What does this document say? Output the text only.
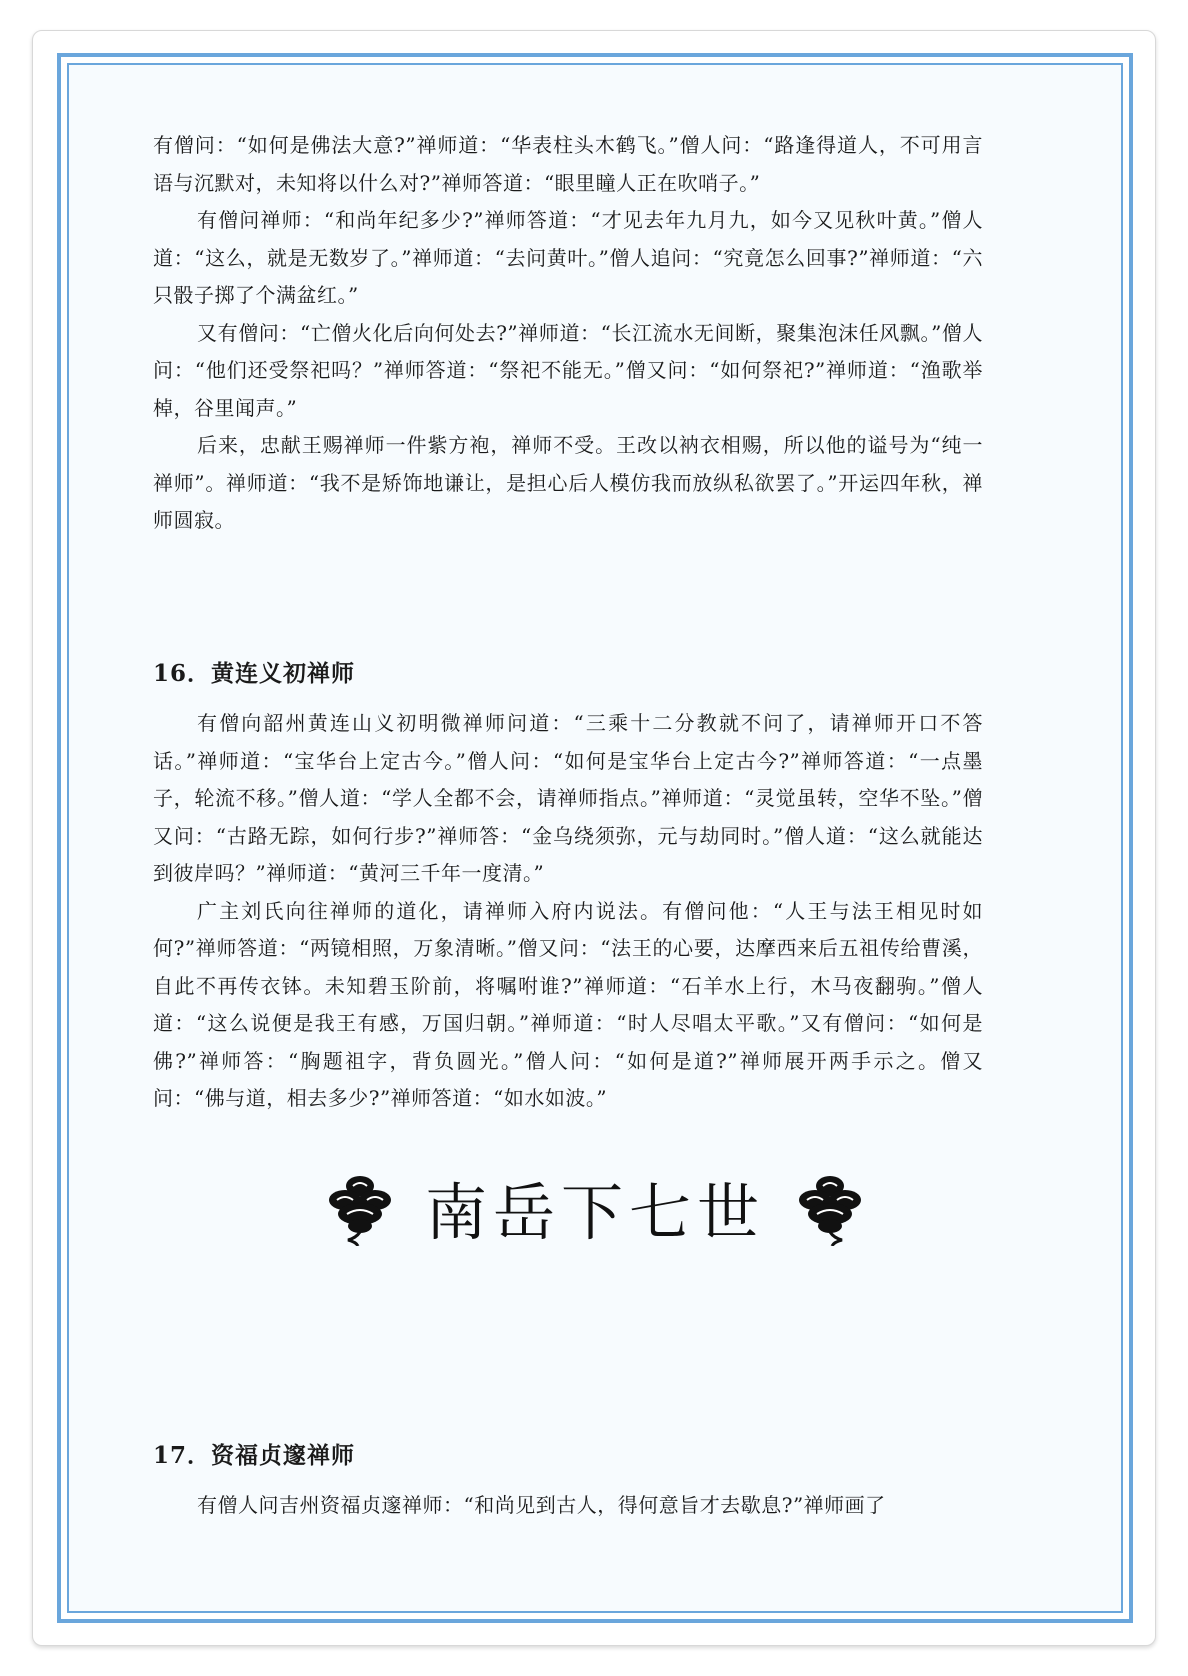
有僧问：“如何是佛法大意?”禅师道：“华表柱头木鹤飞。”僧人问：“路逢得道人，不可用言语与沉默对，未知将以什么对?”禅师答道：“眼里瞳人正在吹哨子。”

有僧问禅师：“和尚年纪多少?”禅师答道：“才见去年九月九，如今又见秋叶黄。”僧人道：“这么，就是无数岁了。”禅师道：“去问黄叶。”僧人追问：“究竟怎么回事?”禅师道：“六只骰子掷了个满盆红。”

又有僧问：“亡僧火化后向何处去?”禅师道：“长江流水无间断，聚集泡沫任风飘。”僧人问：“他们还受祭祀吗？”禅师答道：“祭祀不能无。”僧又问：“如何祭祀?”禅师道：“渔歌举棹，谷里闻声。”

后来，忠献王赐禅师一件紫方袍，禅师不受。王改以衲衣相赐，所以他的谥号为“纯一禅师”。禅师道：“我不是矫饰地谦让，是担心后人模仿我而放纵私欲罢了。”开运四年秋，禅师圆寂。

16．黄连义初禅师

有僧向韶州黄连山义初明微禅师问道：“三乘十二分教就不问了，请禅师开口不答话。”禅师道：“宝华台上定古今。”僧人问：“如何是宝华台上定古今?”禅师答道：“一点墨子，轮流不移。”僧人道：“学人全都不会，请禅师指点。”禅师道：“灵觉虽转，空华不坠。”僧又问：“古路无踪，如何行步?”禅师答：“金乌绕须弥，元与劫同时。”僧人道：“这么就能达到彼岸吗？”禅师道：“黄河三千年一度清。”

广主刘氏向往禅师的道化，请禅师入府内说法。有僧问他：“人王与法王相见时如何?”禅师答道：“两镜相照，万象清晰。”僧又问：“法王的心要，达摩西来后五祖传给曹溪，自此不再传衣钵。未知碧玉阶前，将嘱咐谁?”禅师道：“石羊水上行，木马夜翻驹。”僧人道：“这么说便是我王有感，万国归朝。”禅师道：“时人尽唱太平歌。”又有僧问：“如何是佛?”禅师答：“胸题祖字，背负圆光。”僧人问：“如何是道?”禅师展开两手示之。僧又问：“佛与道，相去多少?”禅师答道：“如水如波。”

17．资福贞邃禅师

有僧人问吉州资福贞邃禅师：“和尚见到古人，得何意旨才去歇息?”禅师画了

南岳下七世
